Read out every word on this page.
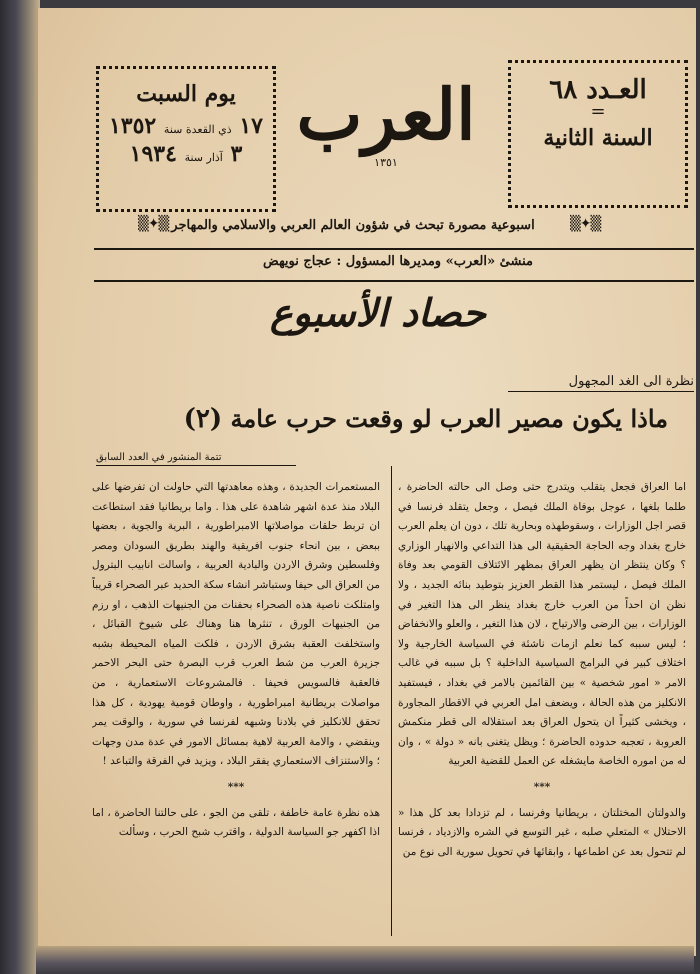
العـدد ٦٨
=
السنة الثانية
العرب
١٣٥١
يوم السبت
١٧ ذي القعدة سنة ١٣٥٢
٣ آذار سنة ١٩٣٤
▒✦▒
اسبوعية مصورة تبحث في شؤون العالم العربي والاسلامي والمهاجر
▒✦▒
منشئ «العرب» ومديرها المسؤول : عجاج نويهض
حصاد الأسبوع
نظرة الى الغد المجهول
ماذا يكون مصير العرب لو وقعت حرب عامة (٢)
تتمة المنشور في العدد السابق

اما العراق فجعل يتقلب ويتدرج حتى وصل الى حالته الحاضرة ، طلما بلغها ، عوجل بوفاة الملك فيصل ، وجعل يتقلد فرنسا في قصر اجل الوزارات ، وسقوطهذه وبحارية تلك ، دون ان يعلم العرب خارج بغداد وجه الحاجة الحقيقية الى هذا التداعي والانهيار الوزاري ؟ وكان ينتظر ان يظهر العراق بمظهر الائتلاف القومي بعد وفاة الملك فيصل ، ليستمر هذا القطر العزيز بتوطيد بنائه الجديد ، ولا نظن ان احداً من العرب خارج بغداد ينظر الى هذا التغير في الوزارات ، بين الرضى والارتياح ، لان هذا التغير ، والعلو والانخفاض ؛ ليس سببه كما نعلم ازمات ناشئة في السياسة الخارجية ولا اختلاف كبير في البرامج السياسية الداخلية ؟ بل سببه في غالب الامر « امور شخصية » بين القائمين بالامر في بغداد ، فيستفيد الانكليز من هذه الحالة ، ويضعف امل العربي في الاقطار المجاورة ، ويخشى كثيراً ان يتحول العراق بعد استقلاله الى قطر منكمش العروبة ، تعجبه حدوده الحاضرة ؛ ويظل يتغنى بانه « دولة » ، وان له من اموره الخاصة مايشغله عن العمل للقضية العربية

***

والدولتان المختلتان ، بريطانيا وفرنسا ، لم تزدادا بعد كل هذا « الاحتلال » المتعلي صلبه ، غير التوسع في الشره والازدياد ، فرنسا لم تتحول بعد عن اطماعها ، وابقائها في تحويل سورية الى نوع من

المستعمرات الجديدة ، وهذه معاهدتها التي حاولت ان تفرضها على البلاد منذ عدة اشهر شاهدة على هذا . واما بريطانيا فقد استطاعت ان تربط حلقات مواصلاتها الامبراطورية ، البرية والجوية ، بعضها ببعض ، بين انحاء جنوب افريقية والهند بطريق السودان ومصر وفلسطين وشرق الاردن والبادية العربية ، واسالت انابيب البترول من العراق الى حيفا وستباشر انشاء سكة الحديد عبر الصحراء قريباً وامتلكت ناصية هذه الصحراء بحفنات من الجنيهات الذهب ، او رزم من الجنيهات الورق ، تنثرها هنا وهناك على شيوخ القبائل ، واستخلفت العقبة بشرق الاردن ، فلكت المياه المحيطة بشبه جزيرة العرب من شط العرب قرب البصرة حتى البحر الاحمر فالعقبة فالسويس فحيفا . فالمشروعات الاستعمارية ، من مواصلات بريطانية امبراطورية ، واوطان قومية يهودية ، كل هذا تحقق للانكليز في بلادنا وشبهه لفرنسا في سورية ، والوقت يمر وينقضي ، والامة العربية لاهية بمسائل الامور في عدة مدن وجهات ؛ والاستنزاف الاستعماري يفقر البلاد ، ويزيد في الفرقة والتباعد !

***

هذه نظرة عامة خاطفة ، تلقى من الجو ، على حالتنا الحاضرة ، اما اذا اكفهر جو السياسة الدولية ، واقترب شبح الحرب ، وسألت
